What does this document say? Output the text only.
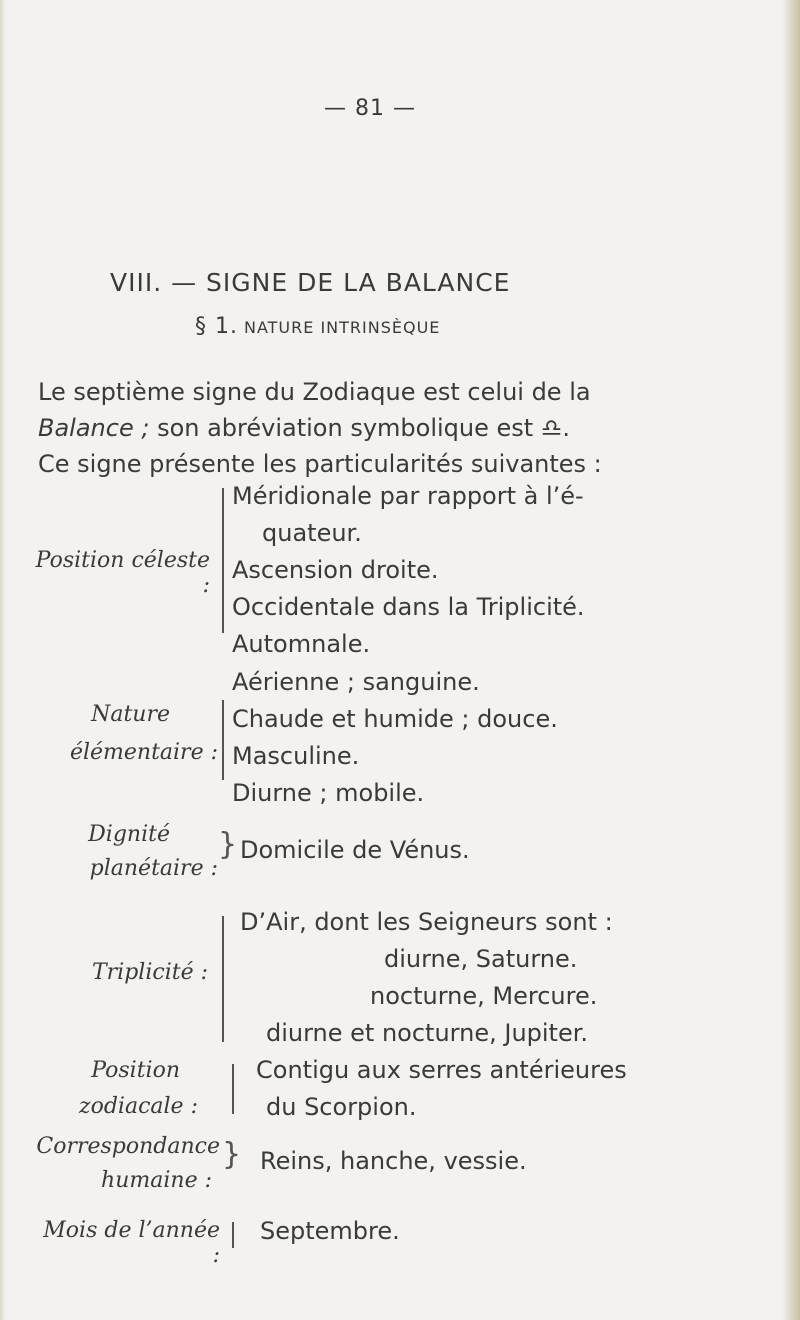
— 81 —
VIII. — SIGNE DE LA BALANCE
§ 1. NATURE INTRINSÈQUE
Le septième signe du Zodiaque est celui de la
Balance ; son abréviation symbolique est ♎.
Ce signe présente les particularités suivantes :
Position céleste :
Méridionale par rapport à l’é-
quateur.
Ascension droite.
Occidentale dans la Triplicité.
Automnale.
Nature
élémentaire :
Aérienne ; sanguine.
Chaude et humide ; douce.
Masculine.
Diurne ; mobile.
Dignité
planétaire :
} Domicile de Vénus.
Triplicité :
D’Air, dont les Seigneurs sont :
diurne, Saturne.
nocturne, Mercure.
diurne et nocturne, Jupiter.
Position
zodiacale :
Contigu aux serres antérieures
du Scorpion.
Correspondance
humaine :
} Reins, hanche, vessie.
Mois de l’année :
Septembre.
